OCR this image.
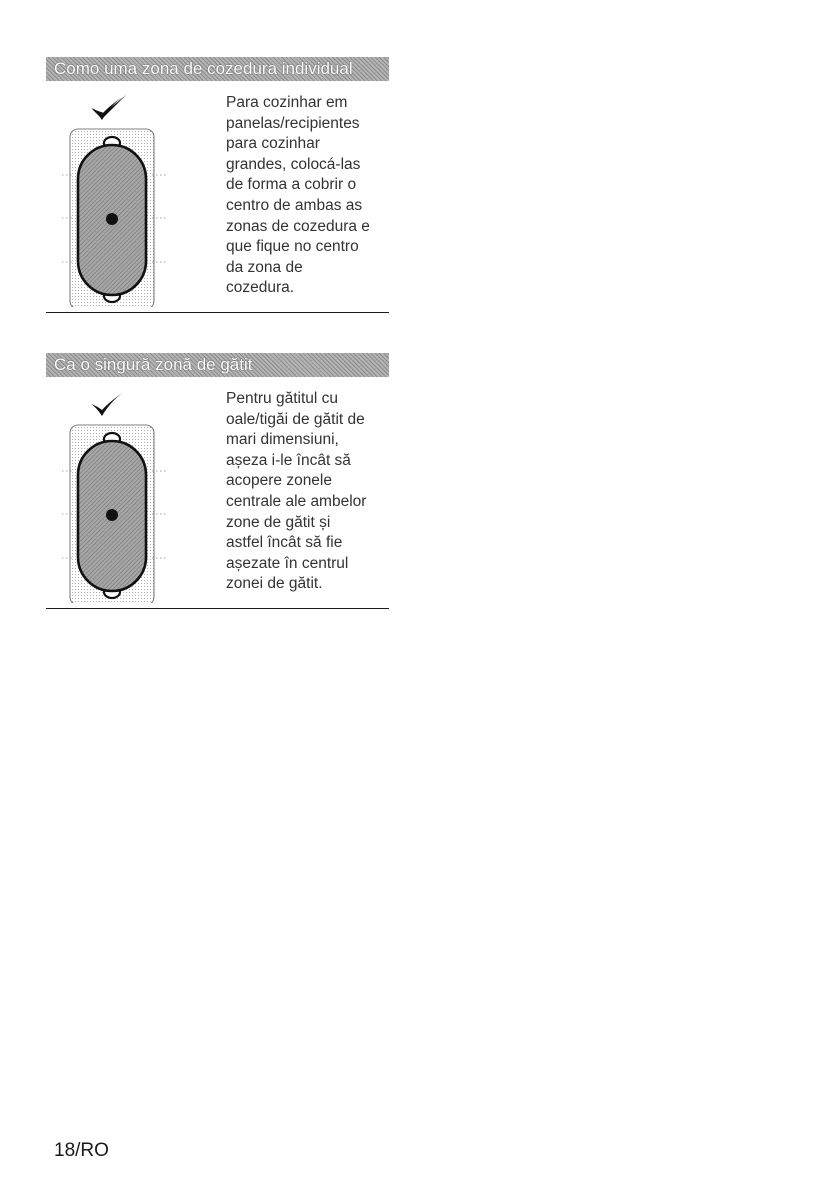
Como uma zona de cozedura individual

Para cozinhar em
panelas/recipientes
para cozinhar
grandes, colocá-las
de forma a cobrir o
centro de ambas as
zonas de cozedura e
que fique no centro
da zona de
cozedura.

Ca o singură zonă de gătit

Pentru gătitul cu
oale/tigăi de gătit de
mari dimensiuni,
așeza i-le încât să
acopere zonele
centrale ale ambelor
zone de gătit și
astfel încât să fie
așezate în centrul
zonei de gătit.

18/RO
